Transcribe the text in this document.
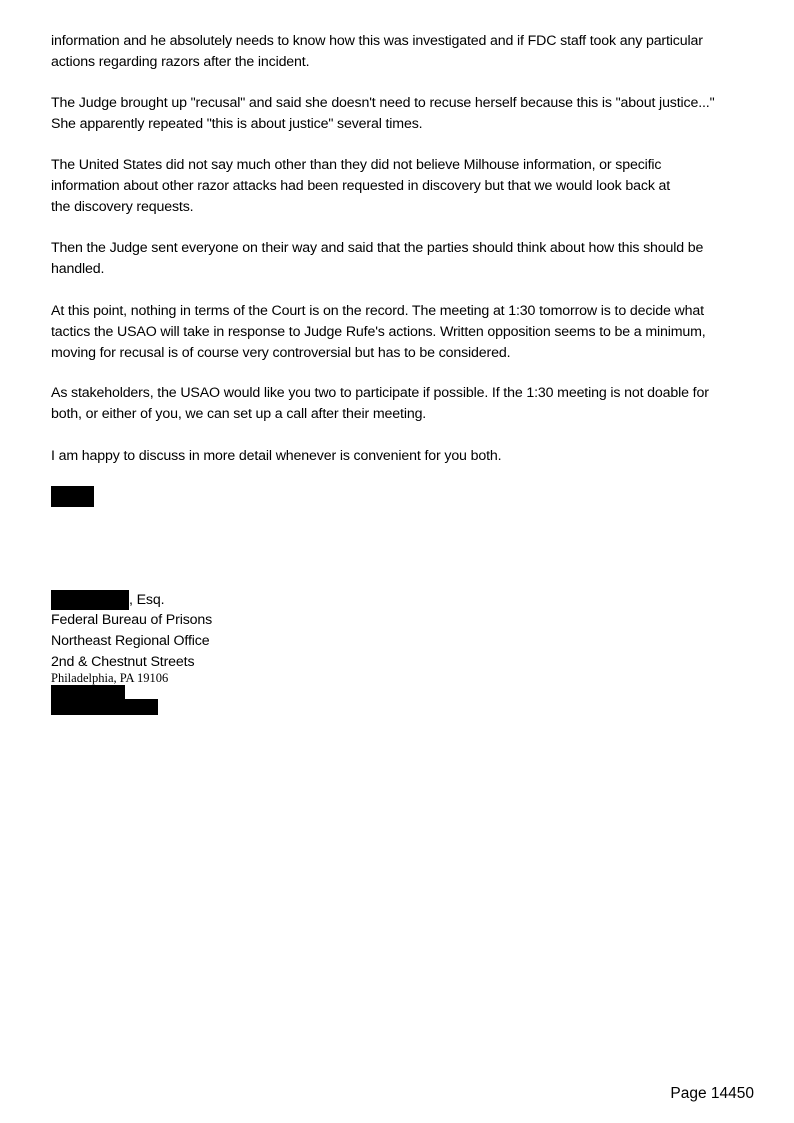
information and he absolutely needs to know how this was investigated and if FDC staff took any particular
actions regarding razors after the incident.
The Judge brought up "recusal" and said she doesn't need to recuse herself because this is "about justice..."
She apparently repeated "this is about justice" several times.
The United States did not say much other than they did not believe Milhouse information, or specific
information about other razor attacks had been requested in discovery but that we would look back at
the discovery requests.
Then the Judge sent everyone on their way and said that the parties should think about how this should be
handled.
At this point, nothing in terms of the Court is on the record. The meeting at 1:30 tomorrow is to decide what
tactics the USAO will take in response to Judge Rufe's actions. Written opposition seems to be a minimum,
moving for recusal is of course very controversial but has to be considered.
As stakeholders, the USAO would like you two to participate if possible. If the 1:30 meeting is not doable for
both, or either of you, we can set up a call after their meeting.
I am happy to discuss in more detail whenever is convenient for you both.
, Esq.
Federal Bureau of Prisons
Northeast Regional Office
2nd & Chestnut Streets
Philadelphia, PA 19106
Page 14450
